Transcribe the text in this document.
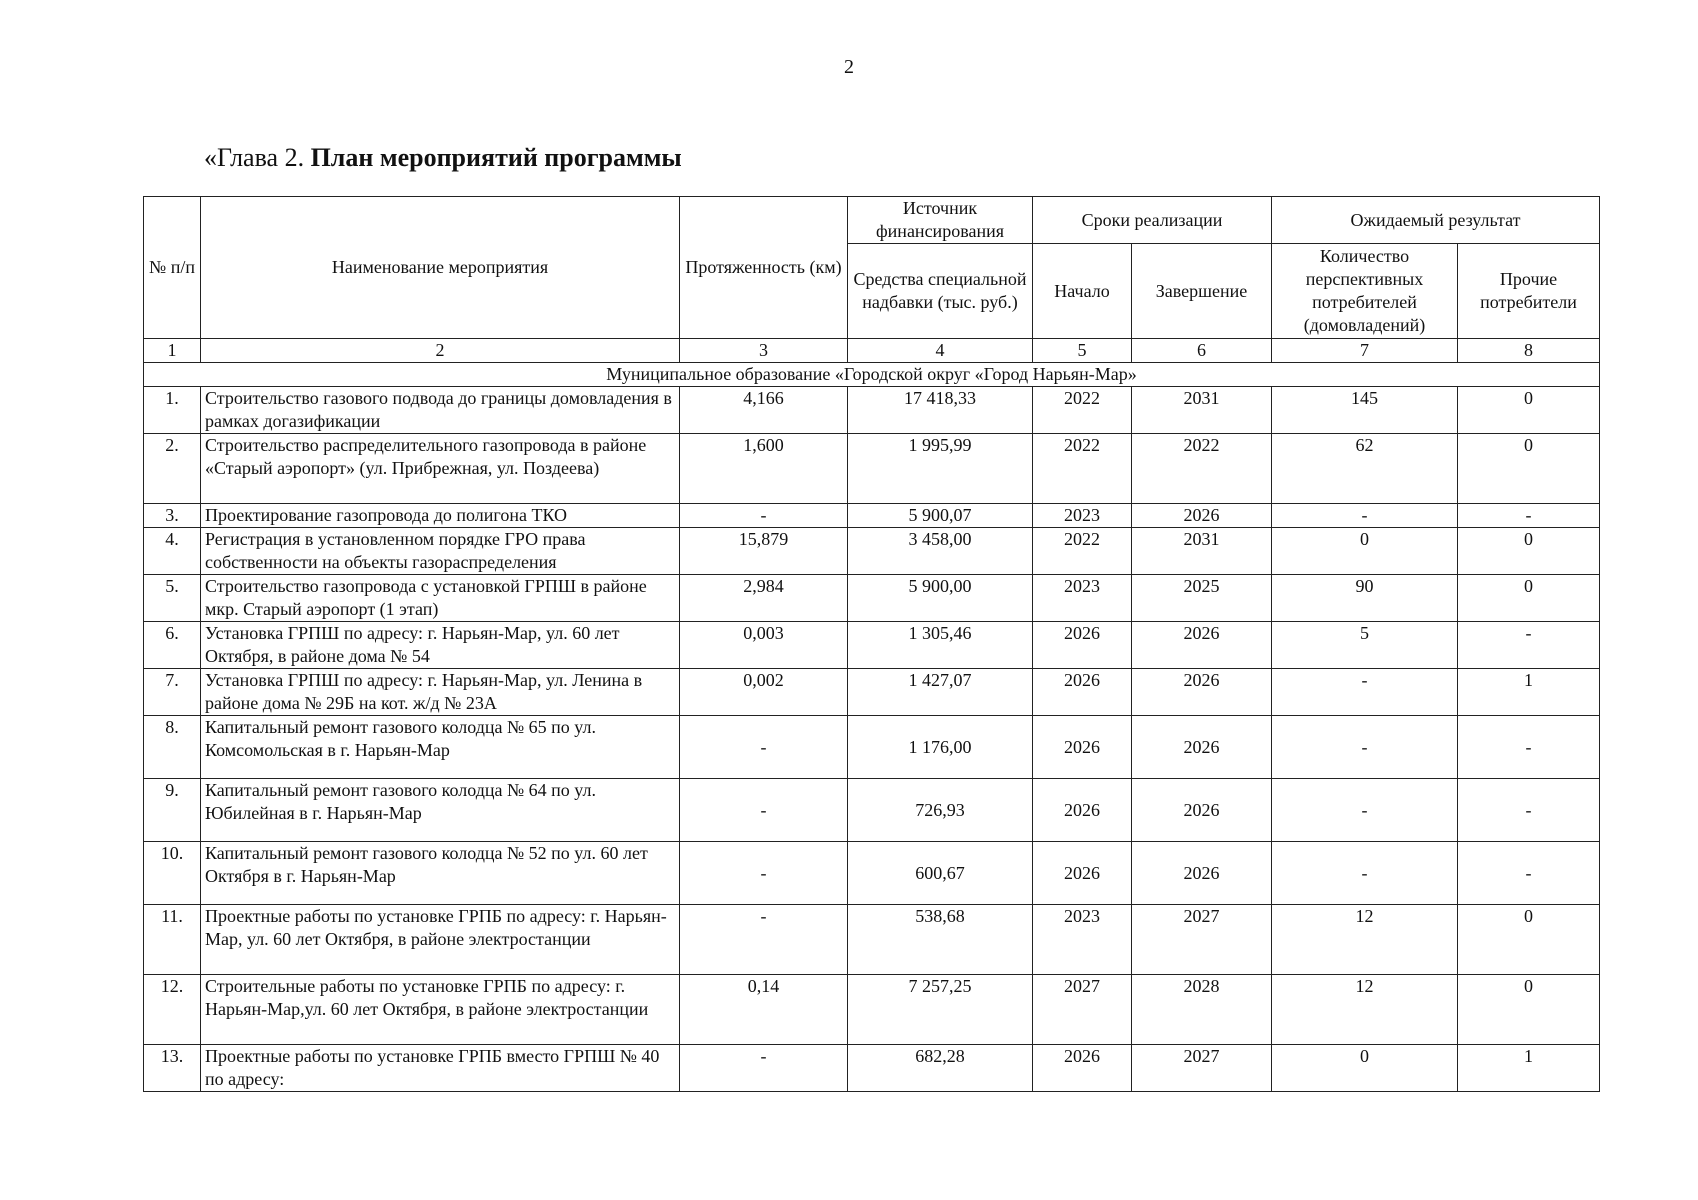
2
«Глава 2. План мероприятий программы
№ п/п	Наименование мероприятия	Протяженность (км)	Источник финансирования	Сроки реализации		Ожидаемый результат	
			Средства специальной надбавки (тыс. руб.)	Начало	Завершение	Количество перспективных потребителей (домовладений)	Прочие потребители
1	2	3	4	5	6	7	8
Муниципальное образование «Городской округ «Город Нарьян-Мар»							
1.	Строительство газового подвода до границы домовладения в рамках догазификации	4,166	17 418,33	2022	2031	145	0
2.	Строительство распределительного газопровода в районе «Старый аэропорт» (ул. Прибрежная, ул. Поздеева)	1,600	1 995,99	2022	2022	62	0
3.	Проектирование газопровода до полигона ТКО	-	5 900,07	2023	2026	-	-
4.	Регистрация в установленном порядке ГРО права собственности на объекты газораспределения	15,879	3 458,00	2022	2031	0	0
5.	Строительство газопровода с установкой ГРПШ в районе мкр. Старый аэропорт (1 этап)	2,984	5 900,00	2023	2025	90	0
6.	Установка ГРПШ по адресу: г. Нарьян-Мар, ул. 60 лет Октября, в районе дома № 54	0,003	1 305,46	2026	2026	5	-
7.	Установка ГРПШ по адресу: г. Нарьян-Мар, ул. Ленина в районе дома № 29Б на кот. ж/д № 23А	0,002	1 427,07	2026	2026	-	1
8.	Капитальный ремонт газового колодца № 65 по ул. Комсомольская в г. Нарьян-Мар	-	1 176,00	2026	2026	-	-
9.	Капитальный ремонт газового колодца № 64 по ул. Юбилейная в г. Нарьян-Мар	-	726,93	2026	2026	-	-
10.	Капитальный ремонт газового колодца № 52 по ул. 60 лет Октября в г. Нарьян-Мар	-	600,67	2026	2026	-	-
11.	Проектные работы по установке ГРПБ по адресу: г. Нарьян-Мар, ул. 60 лет Октября, в районе электростанции	-	538,68	2023	2027	12	0
12.	Строительные работы по установке ГРПБ по адресу: г. Нарьян-Мар,ул. 60 лет Октября, в районе электростанции	0,14	7 257,25	2027	2028	12	0
13.	Проектные работы по установке ГРПБ вместо ГРПШ № 40 по адресу:	-	682,28	2026	2027	0	1
